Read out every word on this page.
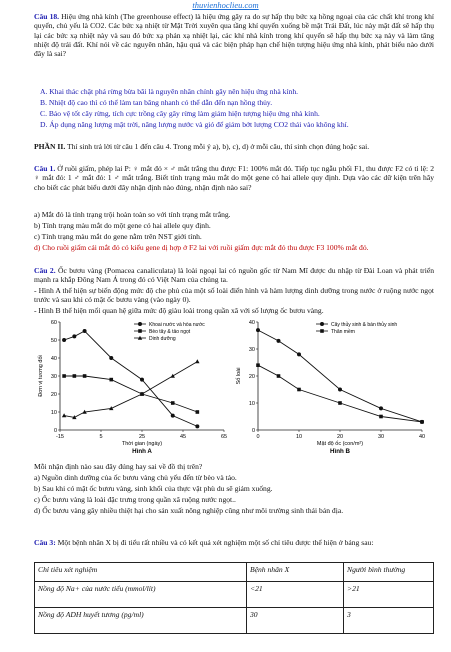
thuvienhoclieu.com
Câu 18. Hiệu ứng nhà kính (The greenhouse effect) là hiệu ứng gây ra do sự hấp thụ bức xạ hồng ngoại của các chất khí trong khí quyển, chủ yếu là CO2. Các bức xạ nhiệt từ Mặt Trời xuyên qua tầng khí quyển xuống bề mặt Trái Đất, lúc này mặt đất sẽ hấp thụ lại các bức xạ nhiệt này và sau đó bức xạ phản xạ nhiệt lại, các khí nhà kính trong khí quyển sẽ hấp thụ bức xạ này và làm tăng nhiệt độ trái đất. Khí nói về các nguyên nhân, hậu quả và các biện pháp hạn chế hiện tượng hiệu ứng nhà kính, phát biểu nào dưới đây là sai?
A. Khai thác chặt phá rừng bừa bãi là nguyên nhân chính gây nên hiệu ứng nhà kính.
B. Nhiệt độ cao thì có thể làm tan băng nhanh có thể dẫn đến nạn hồng thủy.
C. Bảo vệ tốt cây rừng, tích cực trồng cây gây rừng làm giảm hiện tượng hiệu ứng nhà kính.
D. Áp dụng năng lượng mặt trời, năng lượng nước và gió để giảm bớt lượng CO2 thải vào không khí.
PHẦN II. Thí sinh trả lời từ câu 1 đến câu 4. Trong mỗi ý a), b), c), d) ở mỗi câu, thí sinh chọn đúng hoặc sai.
Câu 1. Ở ruồi giấm, phép lai P: ♀ mắt đỏ × ♂ mắt trắng thu được F1: 100% mắt đỏ. Tiếp tục ngẫu phối F1, thu được F2 có tỉ lệ: 2 ♀ mắt đỏ: 1 ♂ mắt đỏ: 1 ♂ mắt trắng. Biết tính trạng màu mắt do một gene có hai allele quy định. Dựa vào các dữ kiện trên hãy cho biết các phát biểu dưới đây nhận định nào đúng, nhận định nào sai?
a) Mắt đỏ là tính trạng trội hoàn toàn so với tính trạng mắt trắng.
b) Tính trạng màu mắt do một gene có hai allele quy định.
c) Tính trạng màu mắt do gene nằm trên NST giới tính.
d) Cho ruồi giấm cái mắt đỏ có kiểu gene dị hợp ở F2 lai với ruồi giấm đực mắt đỏ thu được F3 100% mắt đỏ.
Câu 2. Ốc bươu vàng (Pomacea canaliculata) là loài ngoại lai có nguồn gốc từ Nam Mĩ được du nhập từ Đài Loan và phát triển mạnh ra khắp Đông Nam Á trong đó có Việt Nam của chúng ta.
- Hình A thể hiện sự biến động mức độ che phủ của một số loài điển hình và hàm lượng dinh dưỡng trong nước ở ruộng nước ngọt trước và sau khi có mặt ốc bươu vàng (vào ngày 0).
- Hình B thể hiện mối quan hệ giữa mức độ giàu loài trong quần xã với số lượng ốc bươu vàng.
0
10
20
30
40
50
60
-15	5	25	45	65
Thời gian (ngày)
Đơn vị tương đối
Hình A
Khoai nước và hòa nước
Bèo tây & tảo ngọt
Dinh dưỡng
0
10
20
30
40
0	10	20	30	40
Mật độ ốc (con/m²)
Số loài
Hình B
Cây thủy sinh & bán thủy sinh
Thân mềm
Mỗi nhận định nào sau đây đúng hay sai về đồ thị trên?
a) Nguồn dinh dưỡng của ốc bươu vàng chủ yếu đến từ bèo và tảo.
b) Sau khi có mặt ốc bươu vàng, sinh khối của thực vật phù du sẽ giảm xuống.
c) Ốc bươu vàng là loài đặc trưng trong quần xã ruộng nước ngọt..
d) Ốc bươu vàng gây nhiều thiệt hại cho sản xuất nông nghiệp cũng như môi trường sinh thái bản địa.
Câu 3: Một bệnh nhân X bị đi tiểu rất nhiều và có kết quả xét nghiệm một số chỉ tiêu được thể hiện ở bảng sau:
Chỉ tiêu xét nghiệm	Bệnh nhân X	Người bình thường
Nồng độ Na+ của nước tiểu (mmol/lít)	<21	>21
Nồng độ ADH huyết tương (pg/ml)	30	3
